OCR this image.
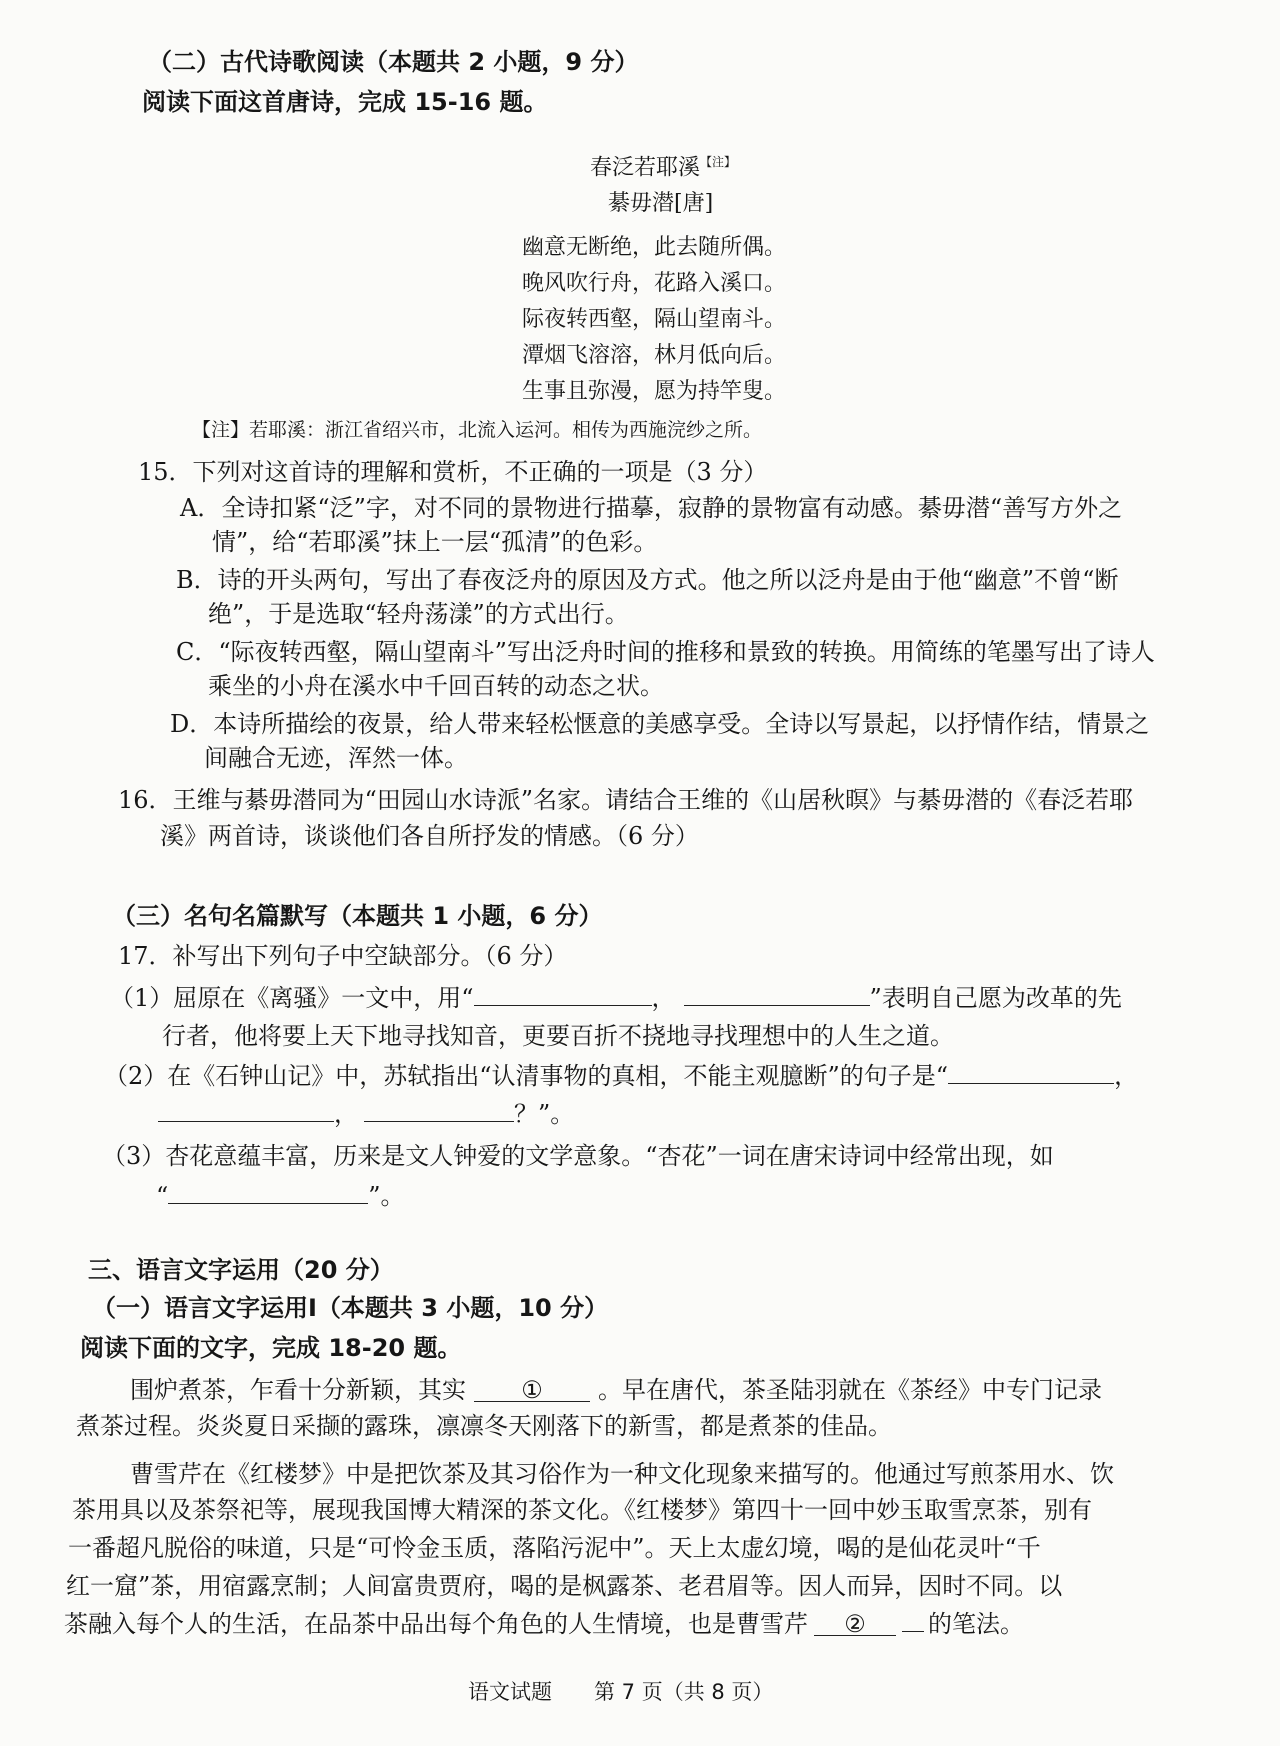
（二）古代诗歌阅读（本题共 2 小题，9 分）
阅读下面这首唐诗，完成 15-16 题。
春泛若耶溪$^{【注】}$
綦毋潜[唐]
幽意无断绝，此去随所偶。
晚风吹行舟，花路入溪口。
际夜转西壑，隔山望南斗。
潭烟飞溶溶，林月低向后。
生事且弥漫，愿为持竿叟。
【注】若耶溪：浙江省绍兴市，北流入运河。相传为西施浣纱之所。
15．下列对这首诗的理解和赏析，不正确的一项是（3 分）
A．全诗扣紧“泛”字，对不同的景物进行描摹，寂静的景物富有动感。綦毋潜“善写方外之
情”，给“若耶溪”抹上一层“孤清”的色彩。
B．诗的开头两句，写出了春夜泛舟的原因及方式。他之所以泛舟是由于他“幽意”不曾“断
绝”，于是选取“轻舟荡漾”的方式出行。
C．“际夜转西壑，隔山望南斗”写出泛舟时间的推移和景致的转换。用简练的笔墨写出了诗人
乘坐的小舟在溪水中千回百转的动态之状。
D．本诗所描绘的夜景，给人带来轻松惬意的美感享受。全诗以写景起，以抒情作结，情景之
间融合无迹，浑然一体。
16．王维与綦毋潜同为“田园山水诗派”名家。请结合王维的《山居秋暝》与綦毋潜的《春泛若耶
溪》两首诗，谈谈他们各自所抒发的情感。（6 分）
（三）名句名篇默写（本题共 1 小题，6 分）
17．补写出下列句子中空缺部分。（6 分）
（1）屈原在《离骚》一文中，用“	，	”表明自己愿为改革的先
行者，他将要上天下地寻找知音，更要百折不挠地寻找理想中的人生之道。
（2）在《石钟山记》中，苏轼指出“认清事物的真相，不能主观臆断”的句子是“	，
，	？”。
（3）杏花意蕴丰富，历来是文人钟爱的文学意象。“杏花”一词在唐宋诗词中经常出现，如
“	”。
三、语言文字运用（20 分）
（一）语言文字运用Ⅰ（本题共 3 小题，10 分）
阅读下面的文字，完成 18-20 题。
围炉煮茶，乍看十分新颖，其实 ① 。早在唐代，茶圣陆羽就在《茶经》中专门记录
煮茶过程。炎炎夏日采撷的露珠，凛凛冬天刚落下的新雪，都是煮茶的佳品。
曹雪芹在《红楼梦》中是把饮茶及其习俗作为一种文化现象来描写的。他通过写煎茶用水、饮
茶用具以及茶祭祀等，展现我国博大精深的茶文化。《红楼梦》第四十一回中妙玉取雪烹茶，别有
一番超凡脱俗的味道，只是“可怜金玉质，落陷污泥中”。天上太虚幻境，喝的是仙花灵叶“千
红一窟”茶，用宿露烹制；人间富贵贾府，喝的是枫露茶、老君眉等。因人而异，因时不同。以
茶融入每个人的生活，在品茶中品出每个角色的人生情境，也是曹雪芹 ②	的笔法。
语文试题　　第 7 页（共 8 页）
